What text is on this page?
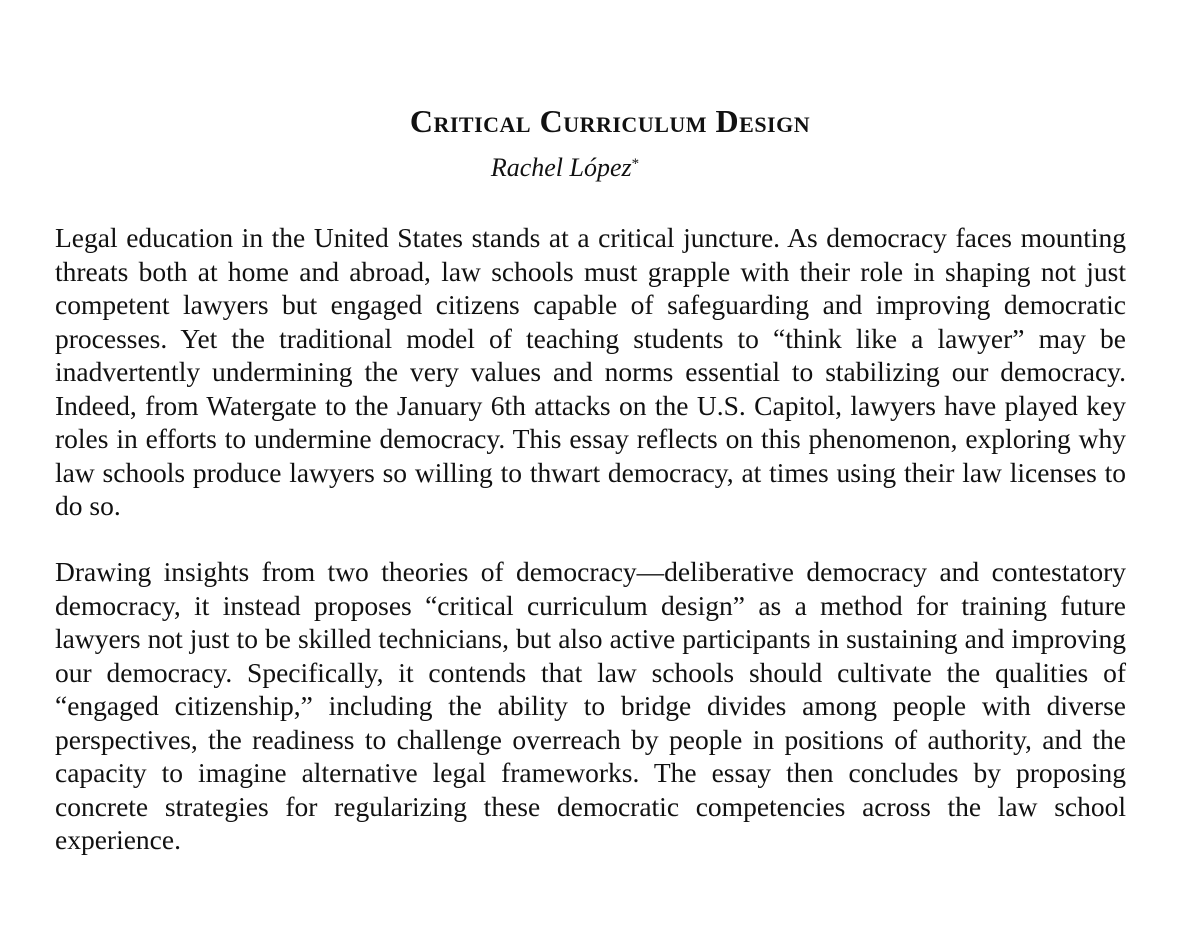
Critical Curriculum Design
Rachel López*

Legal education in the United States stands at a critical juncture. As democracy faces mounting threats both at home and abroad, law schools must grapple with their role in shaping not just competent lawyers but engaged citizens capable of safeguarding and improving democratic processes. Yet the traditional model of teaching students to “think like a lawyer” may be inadvertently undermining the very values and norms essential to stabilizing our democracy. Indeed, from Watergate to the January 6th attacks on the U.S. Capitol, lawyers have played key roles in efforts to undermine democracy. This essay reflects on this phenomenon, exploring why law schools produce lawyers so willing to thwart democracy, at times using their law licenses to do so.

Drawing insights from two theories of democracy—deliberative democracy and contestatory democracy, it instead proposes “critical curriculum design” as a method for training future lawyers not just to be skilled technicians, but also active participants in sustaining and improving our democracy. Specifically, it contends that law schools should cultivate the qualities of “engaged citizenship,” including the ability to bridge divides among people with diverse perspectives, the readiness to challenge overreach by people in positions of authority, and the capacity to imagine alternative legal frameworks. The essay then concludes by proposing concrete strategies for regularizing these democratic competencies across the law school experience.
